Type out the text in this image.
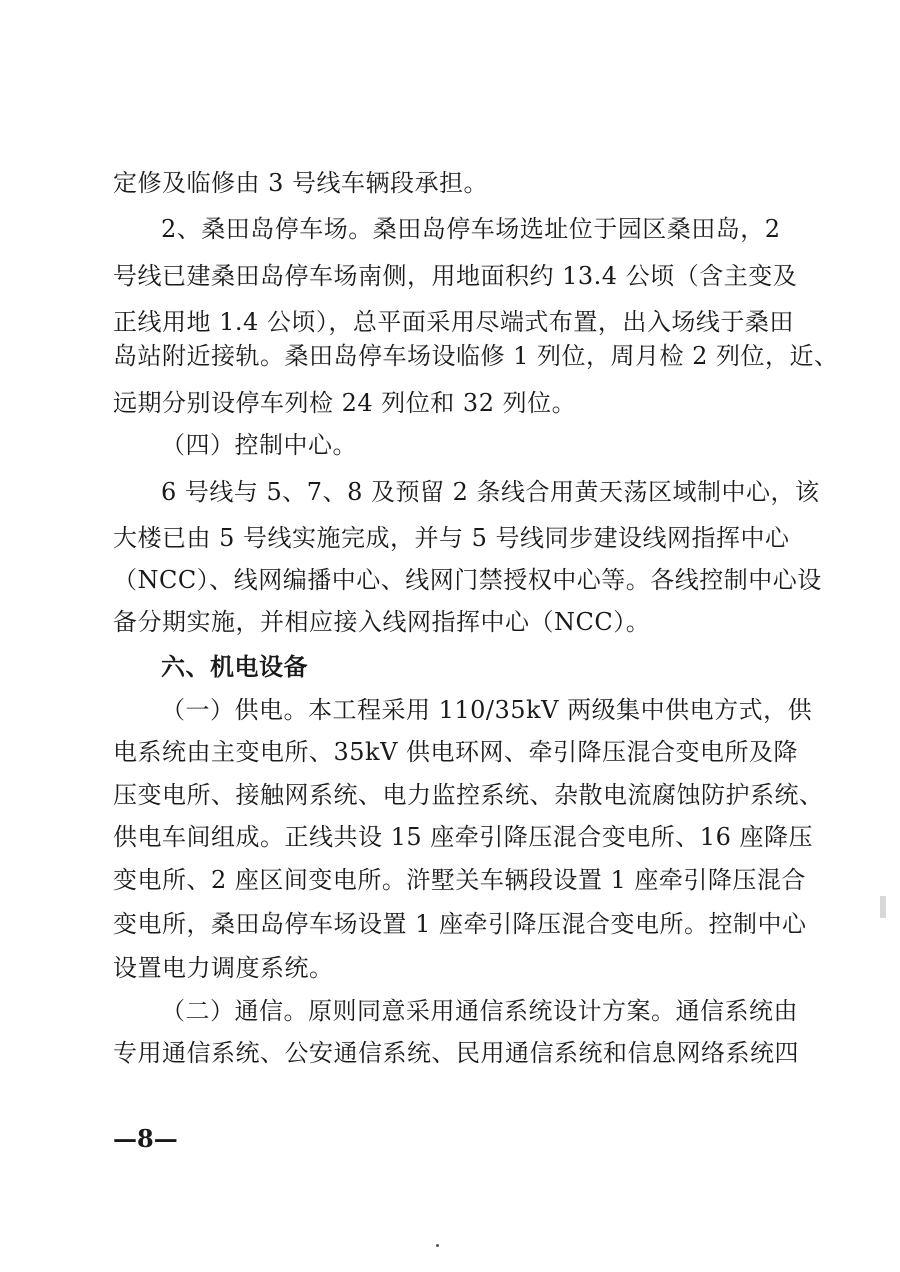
定修及临修由 3 号线车辆段承担。
2、桑田岛停车场。桑田岛停车场选址位于园区桑田岛，2
号线已建桑田岛停车场南侧，用地面积约 13.4 公顷（含主变及
正线用地 1.4 公顷），总平面采用尽端式布置，出入场线于桑田
岛站附近接轨。桑田岛停车场设临修 1 列位，周月检 2 列位，近、
远期分别设停车列检 24 列位和 32 列位。
（四）控制中心。
6 号线与 5、7、8 及预留 2 条线合用黄天荡区域制中心，该
大楼已由 5 号线实施完成，并与 5 号线同步建设线网指挥中心
（NCC）、线网编播中心、线网门禁授权中心等。各线控制中心设
备分期实施，并相应接入线网指挥中心（NCC）。
六、机电设备
（一）供电。本工程采用 110/35kV 两级集中供电方式，供
电系统由主变电所、35kV 供电环网、牵引降压混合变电所及降
压变电所、接触网系统、电力监控系统、杂散电流腐蚀防护系统、
供电车间组成。正线共设 15 座牵引降压混合变电所、16 座降压
变电所、2 座区间变电所。浒墅关车辆段设置 1 座牵引降压混合
变电所，桑田岛停车场设置 1 座牵引降压混合变电所。控制中心
设置电力调度系统。
（二）通信。原则同意采用通信系统设计方案。通信系统由
专用通信系统、公安通信系统、民用通信系统和信息网络系统四
—8—
